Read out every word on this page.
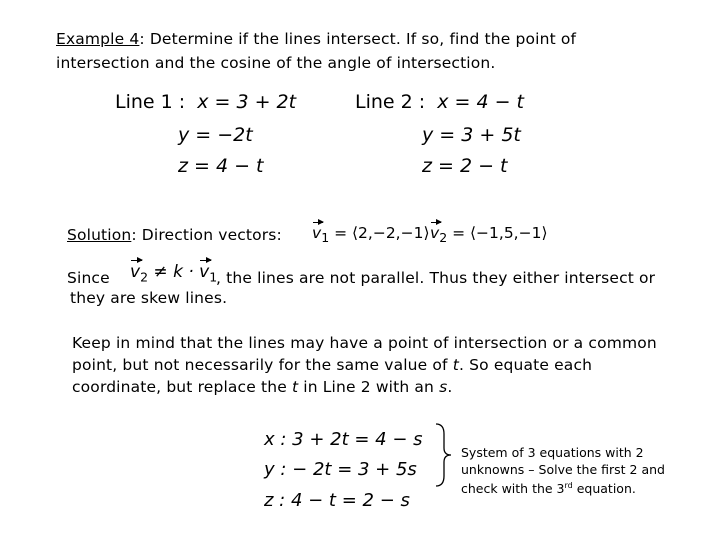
Example 4: Determine if the lines intersect. If so, find the point of
intersection and the cosine of the angle of intersection.
Line 1 : x = 3 + 2t
y = −2t
z = 4 − t
Line 2 : x = 4 − t
y = 3 + 5t
z = 2 − t
Solution: Direction vectors: $v_1$ = ⟨2,−2,−1⟩ $v_2$ = ⟨−1,5,−1⟩
Since $v_2 \ne k \cdot v_1$
, the lines are not parallel. Thus they either intersect or
they are skew lines.
Keep in mind that the lines may have a point of intersection or a common
point, but not necessarily for the same value of t. So equate each
coordinate, but replace the t in Line 2 with an s.
x : 3 + 2t = 4 − s
y : − 2t = 3 + 5s
z : 4 − t = 2 − s
System of 3 equations with 2
unknowns – Solve the first 2 and
check with the 3rd equation.
